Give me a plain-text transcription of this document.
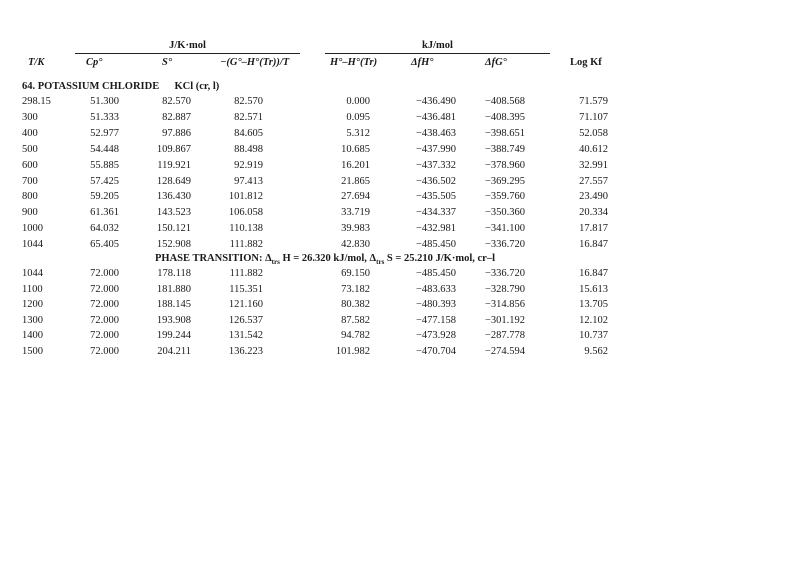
J/K·mol	kJ/mol
T/K	Cp°	S°	−(G°–H°(Tr))/T	H°–H°(Tr)	ΔfH°	ΔfG°	Log Kf
64. POTASSIUM CHLORIDE KCl (cr, l)
298.15	51.300	82.570	82.570	0.000	−436.490	−408.568	71.579
300	51.333	82.887	82.571	0.095	−436.481	−408.395	71.107
400	52.977	97.886	84.605	5.312	−438.463	−398.651	52.058
500	54.448	109.867	88.498	10.685	−437.990	−388.749	40.612
600	55.885	119.921	92.919	16.201	−437.332	−378.960	32.991
700	57.425	128.649	97.413	21.865	−436.502	−369.295	27.557
800	59.205	136.430	101.812	27.694	−435.505	−359.760	23.490
900	61.361	143.523	106.058	33.719	−434.337	−350.360	20.334
1000	64.032	150.121	110.138	39.983	−432.981	−341.100	17.817
1044	65.405	152.908	111.882	42.830	−485.450	−336.720	16.847
PHASE TRANSITION: $\Delta_{trs}$ H = 26.320 kJ/mol, $\Delta_{trs}$ S = 25.210 J/K·mol, cr–l
1044	72.000	178.118	111.882	69.150	−485.450	−336.720	16.847
1100	72.000	181.880	115.351	73.182	−483.633	−328.790	15.613
1200	72.000	188.145	121.160	80.382	−480.393	−314.856	13.705
1300	72.000	193.908	126.537	87.582	−477.158	−301.192	12.102
1400	72.000	199.244	131.542	94.782	−473.928	−287.778	10.737
1500	72.000	204.211	136.223	101.982	−470.704	−274.594	9.562
